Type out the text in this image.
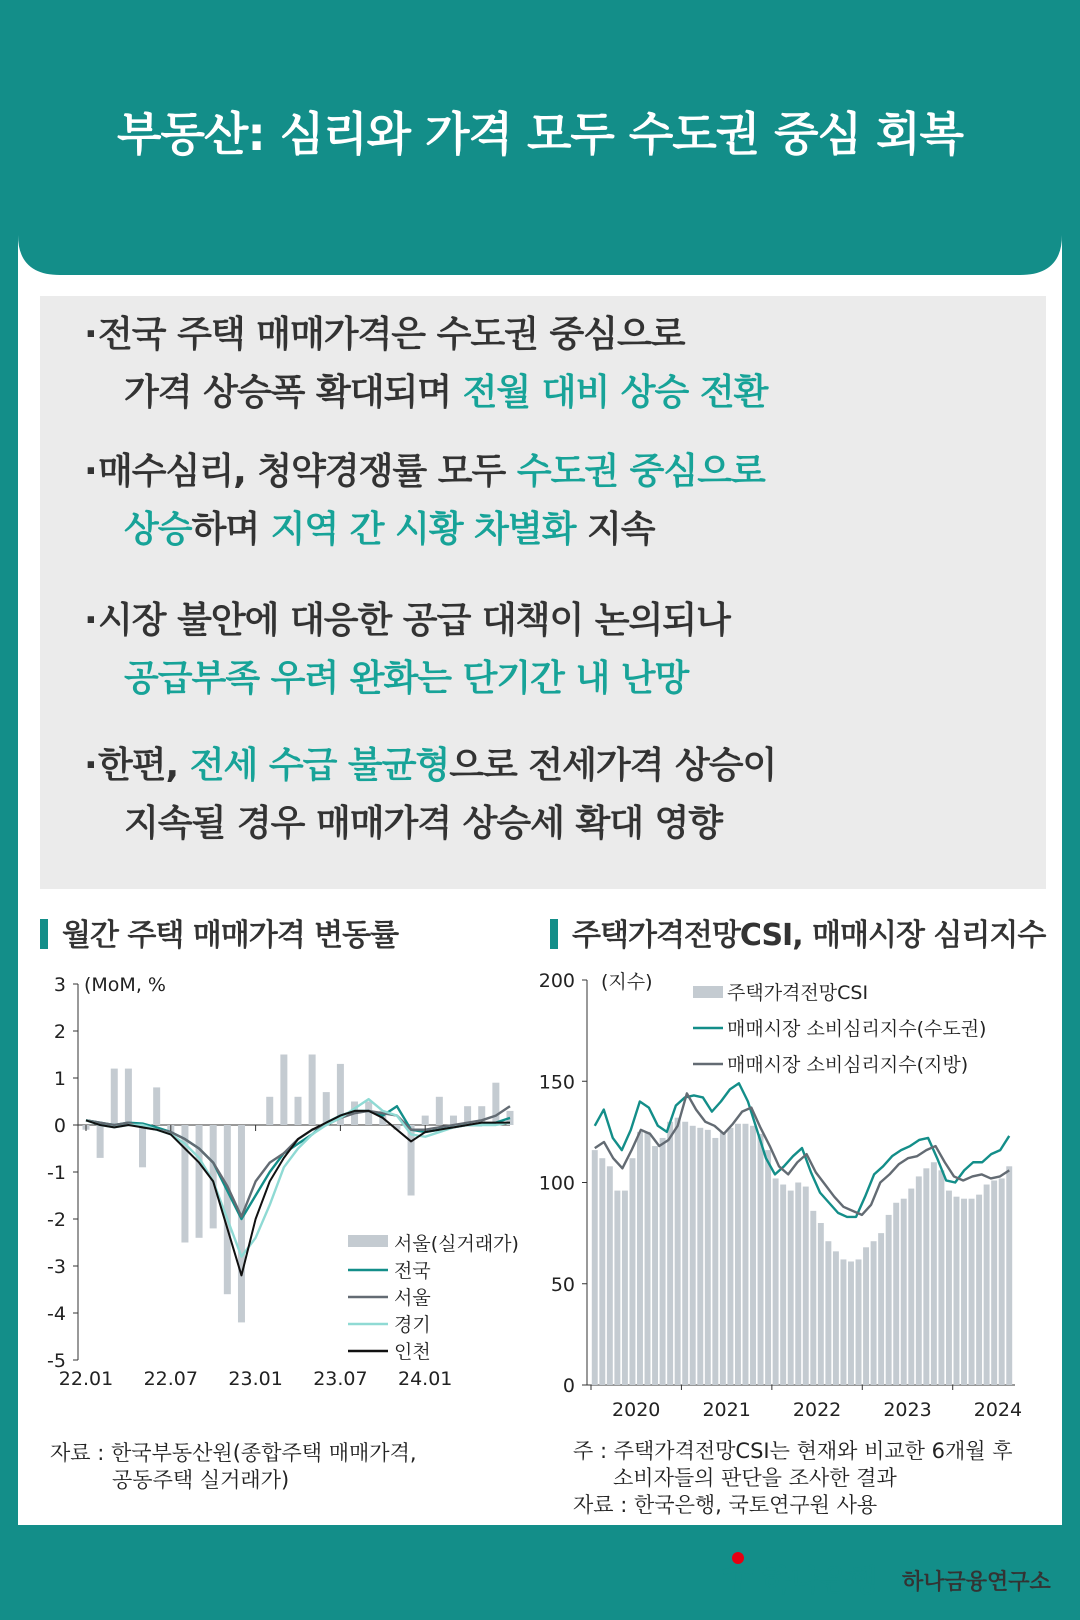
부동산: 심리와 가격 모두 수도권 중심 회복
· 전국 주택 매매가격은 수도권 중심으로
가격 상승폭 확대되며 전월 대비 상승 전환
· 매수심리, 청약경쟁률 모두 수도권 중심으로
상승하며 지역 간 시황 차별화 지속
· 시장 불안에 대응한 공급 대책이 논의되나
공급부족 우려 완화는 단기간 내 난망
· 한편, 전세 수급 불균형으로 전세가격 상승이
지속될 경우 매매가격 상승세 확대 영향
월간 주택 매매가격 변동률	주택가격전망CSI, 매매시장 심리지수
3
2
1
0
-1
-2
-3
-4
-5
(MoM, %
22.01 22.07 23.01 23.07 24.01
서울(실거래가)
전국
서울
경기
인천
200
150
100
50
0
(지수)
2020 2021 2022 2023 2024
주택가격전망CSI
매매시장 소비심리지수(수도권)
매매시장 소비심리지수(지방)
자료 : 한국부동산원(종합주택 매매가격,
공동주택 실거래가)
주 : 주택가격전망CSI는 현재와 비교한 6개월 후
소비자들의 판단을 조사한 결과
자료 : 한국은행, 국토연구원 사용
하나은행 하나금융연구소
